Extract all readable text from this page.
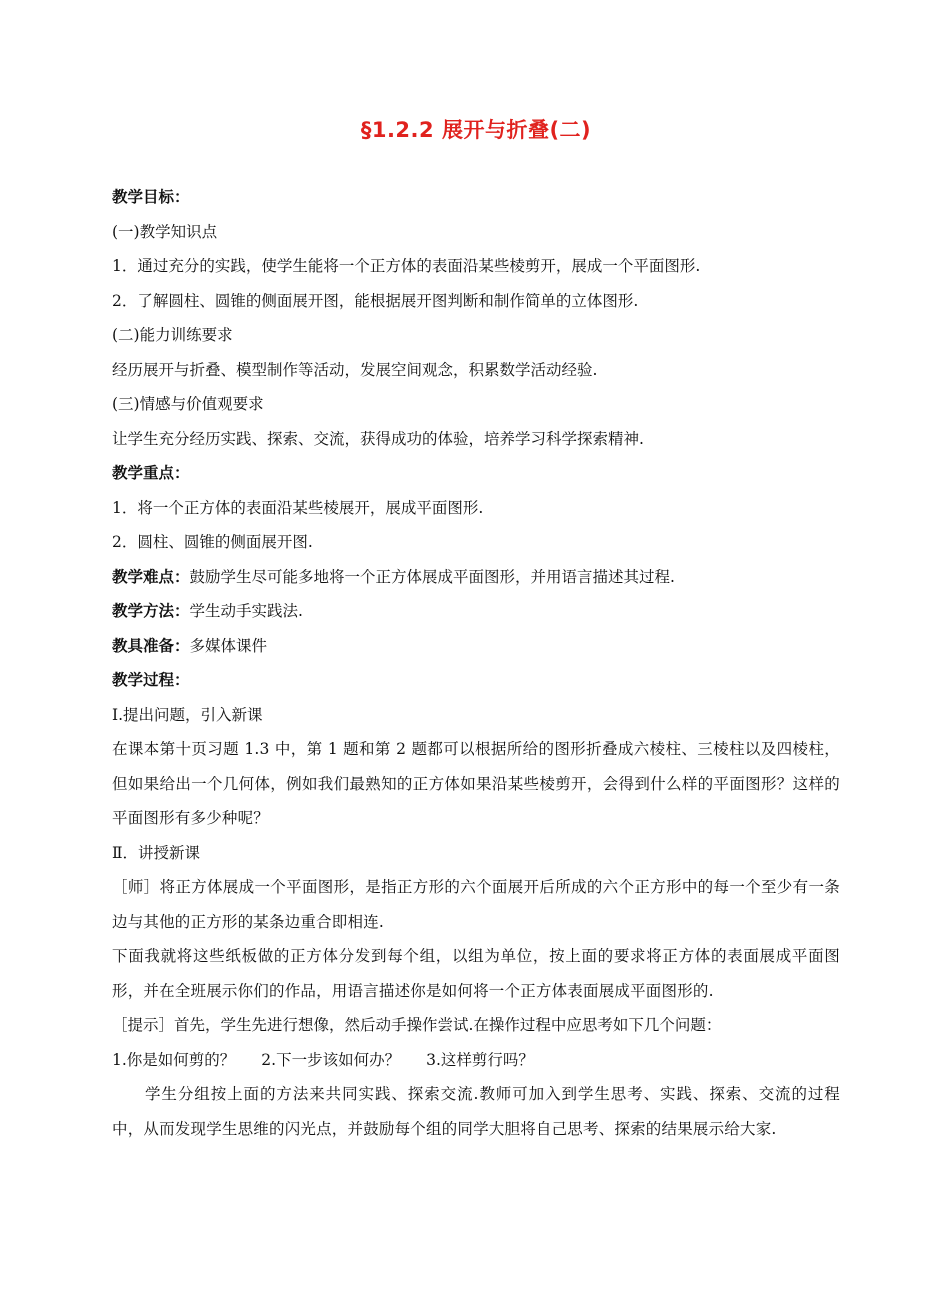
§1.2.2 展开与折叠(二)
教学目标：
(一)教学知识点
1．通过充分的实践，使学生能将一个正方体的表面沿某些棱剪开，展成一个平面图形.
2．了解圆柱、圆锥的侧面展开图，能根据展开图判断和制作简单的立体图形.
(二)能力训练要求
经历展开与折叠、模型制作等活动，发展空间观念，积累数学活动经验.
(三)情感与价值观要求
让学生充分经历实践、探索、交流，获得成功的体验，培养学习科学探索精神.
教学重点：
1．将一个正方体的表面沿某些棱展开，展成平面图形.
2．圆柱、圆锥的侧面展开图.
教学难点：鼓励学生尽可能多地将一个正方体展成平面图形，并用语言描述其过程.
教学方法：学生动手实践法.
教具准备：多媒体课件
教学过程：
Ⅰ.提出问题，引入新课
在课本第十页习题 1.3 中，第 1 题和第 2 题都可以根据所给的图形折叠成六棱柱、三棱柱以及四棱柱，但如果给出一个几何体，例如我们最熟知的正方体如果沿某些棱剪开，会得到什么样的平面图形？这样的平面图形有多少种呢？
Ⅱ．讲授新课
［师］将正方体展成一个平面图形，是指正方形的六个面展开后所成的六个正方形中的每一个至少有一条边与其他的正方形的某条边重合即相连.
下面我就将这些纸板做的正方体分发到每个组，以组为单位，按上面的要求将正方体的表面展成平面图形，并在全班展示你们的作品，用语言描述你是如何将一个正方体表面展成平面图形的.
［提示］首先，学生先进行想像，然后动手操作尝试.在操作过程中应思考如下几个问题：
1.你是如何剪的？ 2.下一步该如何办？ 3.这样剪行吗？
学生分组按上面的方法来共同实践、探索交流.教师可加入到学生思考、实践、探索、交流的过程中，从而发现学生思维的闪光点，并鼓励每个组的同学大胆将自己思考、探索的结果展示给大家.
